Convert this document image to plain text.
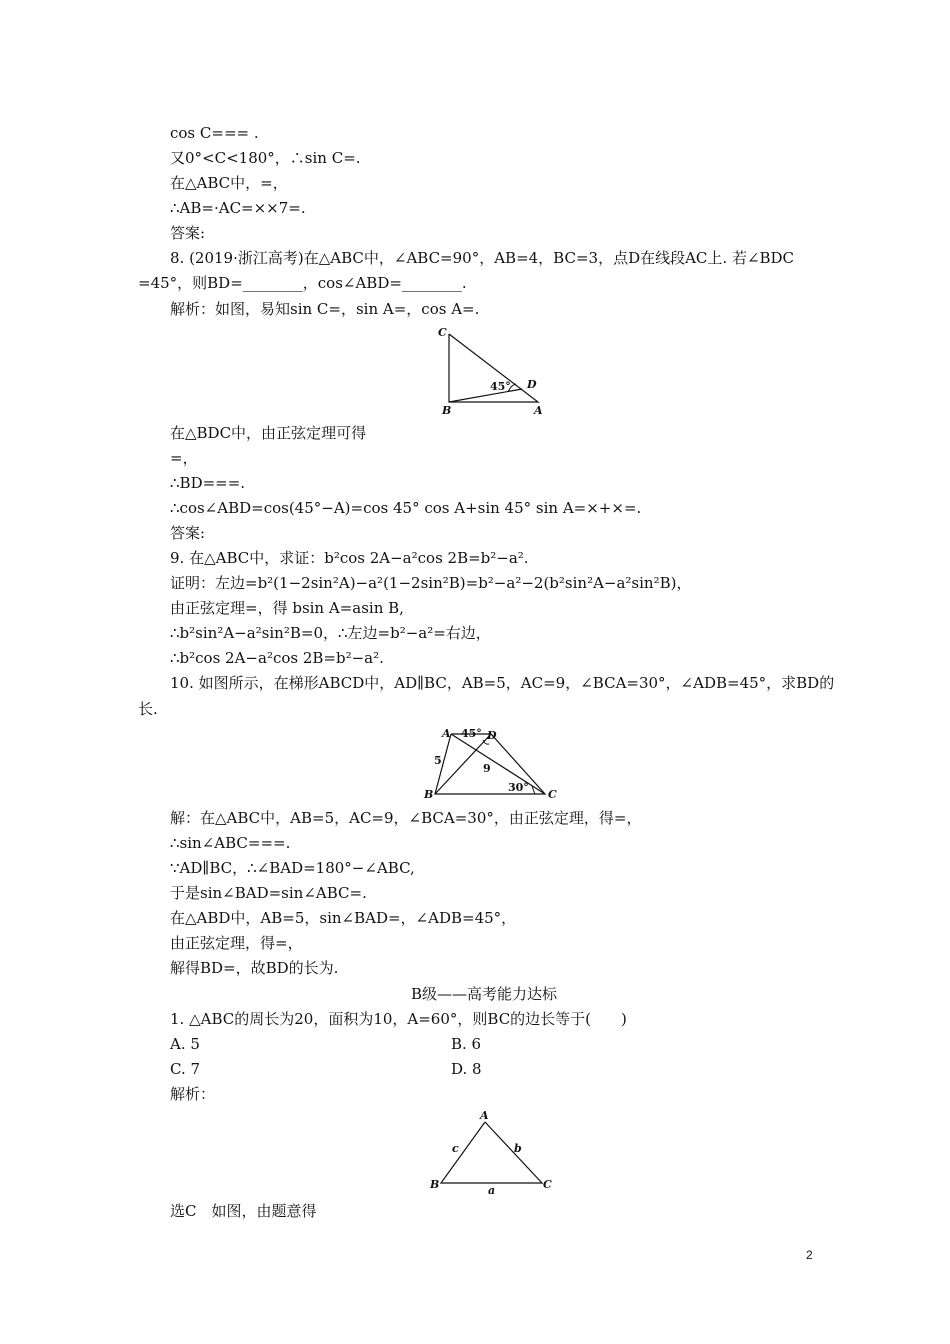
cos C=== .
又0°<C<180°，∴sin C=.
在△ABC中，=，
∴AB=·AC=××7=.
答案:
8. (2019·浙江高考)在△ABC中，∠ABC=90°，AB=4，BC=3，点D在线段AC上. 若∠BDC
=45°，则BD=________，cos∠ABD=________.
解析：如图，易知sin C=，sin A=，cos A=.
C
B	A
D
45°
在△BDC中，由正弦定理可得
=，
∴BD===.
∴cos∠ABD=cos(45°−A)=cos 45° cos A+sin 45° sin A=×+×=.
答案:
9. 在△ABC中，求证：b²cos 2A−a²cos 2B=b²−a².
证明：左边=b²(1−2sin²A)−a²(1−2sin²B)=b²−a²−2(b²sin²A−a²sin²B)，
由正弦定理=，得 bsin A=asin B,
∴b²sin²A−a²sin²B=0，∴左边=b²−a²=右边，
∴b²cos 2A−a²cos 2B=b²−a².
10. 如图所示，在梯形ABCD中，AD∥BC，AB=5，AC=9，∠BCA=30°，∠ADB=45°，求BD的
长.
A	D
B	C
5
9
45°
30°
解：在△ABC中，AB=5，AC=9，∠BCA=30°，由正弦定理，得=，
∴sin∠ABC===.
∵AD∥BC，∴∠BAD=180°−∠ABC,
于是sin∠BAD=sin∠ABC=.
在△ABD中，AB=5，sin∠BAD=，∠ADB=45°，
由正弦定理，得=，
解得BD=，故BD的长为.
B级——高考能力达标
1. △ABC的周长为20，面积为10，A=60°，则BC的边长等于(　　)
A. 5	B. 6
C. 7	D. 8
解析：
A
B	C
c	b
a
选C　如图，由题意得
2
